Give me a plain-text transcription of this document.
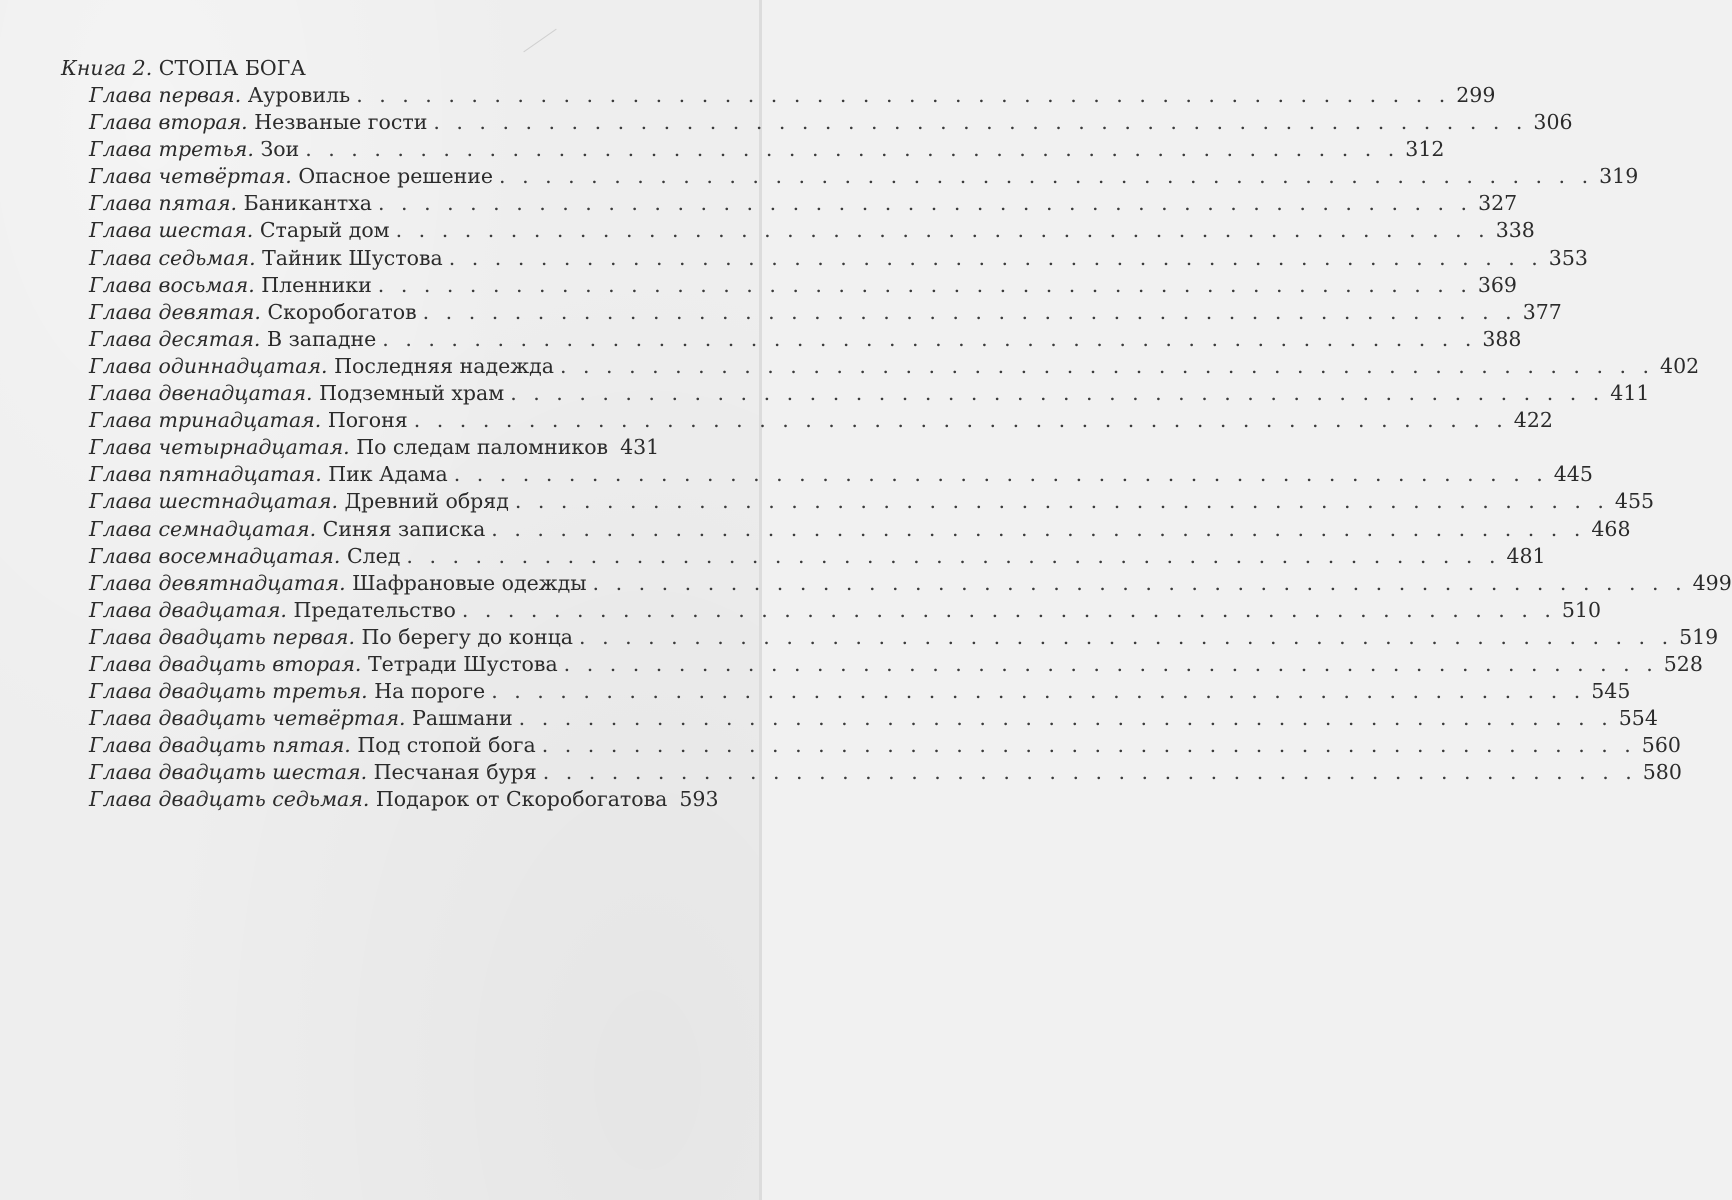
Книга 2. СТОПА БОГА
Глава первая.
Ауровиль . . . . . . . . . . . . . . . . . . . . . . . . . . . . . . . . . . . . . . . . . . . . . . . . 299
Глава вторая.
Незваные гости . . . . . . . . . . . . . . . . . . . . . . . . . . . . . . . . . . . . . . . . . . . . . . . . 306
Глава третья.
Зои . . . . . . . . . . . . . . . . . . . . . . . . . . . . . . . . . . . . . . . . . . . . . . . . 312
Глава четвёртая.
Опасное решение . . . . . . . . . . . . . . . . . . . . . . . . . . . . . . . . . . . . . . . . . . . . . . . . 319
Глава пятая.
Баникантха . . . . . . . . . . . . . . . . . . . . . . . . . . . . . . . . . . . . . . . . . . . . . . . . 327
Глава шестая.
Старый дом . . . . . . . . . . . . . . . . . . . . . . . . . . . . . . . . . . . . . . . . . . . . . . . . 338
Глава седьмая.
Тайник Шустова . . . . . . . . . . . . . . . . . . . . . . . . . . . . . . . . . . . . . . . . . . . . . . . . 353
Глава восьмая.
Пленники . . . . . . . . . . . . . . . . . . . . . . . . . . . . . . . . . . . . . . . . . . . . . . . . 369
Глава девятая.
Скоробогатов . . . . . . . . . . . . . . . . . . . . . . . . . . . . . . . . . . . . . . . . . . . . . . . . 377
Глава десятая.
В западне . . . . . . . . . . . . . . . . . . . . . . . . . . . . . . . . . . . . . . . . . . . . . . . . 388
Глава одиннадцатая.
Последняя надежда . . . . . . . . . . . . . . . . . . . . . . . . . . . . . . . . . . . . . . . . . . . . . . . . 402
Глава двенадцатая.
Подземный храм . . . . . . . . . . . . . . . . . . . . . . . . . . . . . . . . . . . . . . . . . . . . . . . . 411
Глава тринадцатая.
Погоня . . . . . . . . . . . . . . . . . . . . . . . . . . . . . . . . . . . . . . . . . . . . . . . . 422
Глава четырнадцатая.
По следам паломников 431
Глава пятнадцатая.
Пик Адама . . . . . . . . . . . . . . . . . . . . . . . . . . . . . . . . . . . . . . . . . . . . . . . . 445
Глава шестнадцатая.
Древний обряд . . . . . . . . . . . . . . . . . . . . . . . . . . . . . . . . . . . . . . . . . . . . . . . . 455
Глава семнадцатая.
Синяя записка . . . . . . . . . . . . . . . . . . . . . . . . . . . . . . . . . . . . . . . . . . . . . . . . 468
Глава восемнадцатая.
След . . . . . . . . . . . . . . . . . . . . . . . . . . . . . . . . . . . . . . . . . . . . . . . . 481
Глава девятнадцатая.
Шафрановые одежды . . . . . . . . . . . . . . . . . . . . . . . . . . . . . . . . . . . . . . . . . . . . . . . . 499
Глава двадцатая.
Предательство . . . . . . . . . . . . . . . . . . . . . . . . . . . . . . . . . . . . . . . . . . . . . . . . 510
Глава двадцать первая.
По берегу до конца . . . . . . . . . . . . . . . . . . . . . . . . . . . . . . . . . . . . . . . . . . . . . . . . 519
Глава двадцать вторая.
Тетради Шустова . . . . . . . . . . . . . . . . . . . . . . . . . . . . . . . . . . . . . . . . . . . . . . . . 528
Глава двадцать третья.
На пороге . . . . . . . . . . . . . . . . . . . . . . . . . . . . . . . . . . . . . . . . . . . . . . . . 545
Глава двадцать четвёртая.
Рашмани . . . . . . . . . . . . . . . . . . . . . . . . . . . . . . . . . . . . . . . . . . . . . . . . 554
Глава двадцать пятая.
Под стопой бога . . . . . . . . . . . . . . . . . . . . . . . . . . . . . . . . . . . . . . . . . . . . . . . . 560
Глава двадцать шестая.
Песчаная буря . . . . . . . . . . . . . . . . . . . . . . . . . . . . . . . . . . . . . . . . . . . . . . . . 580
Глава двадцать седьмая.
Подарок от Скоробогатова 593
